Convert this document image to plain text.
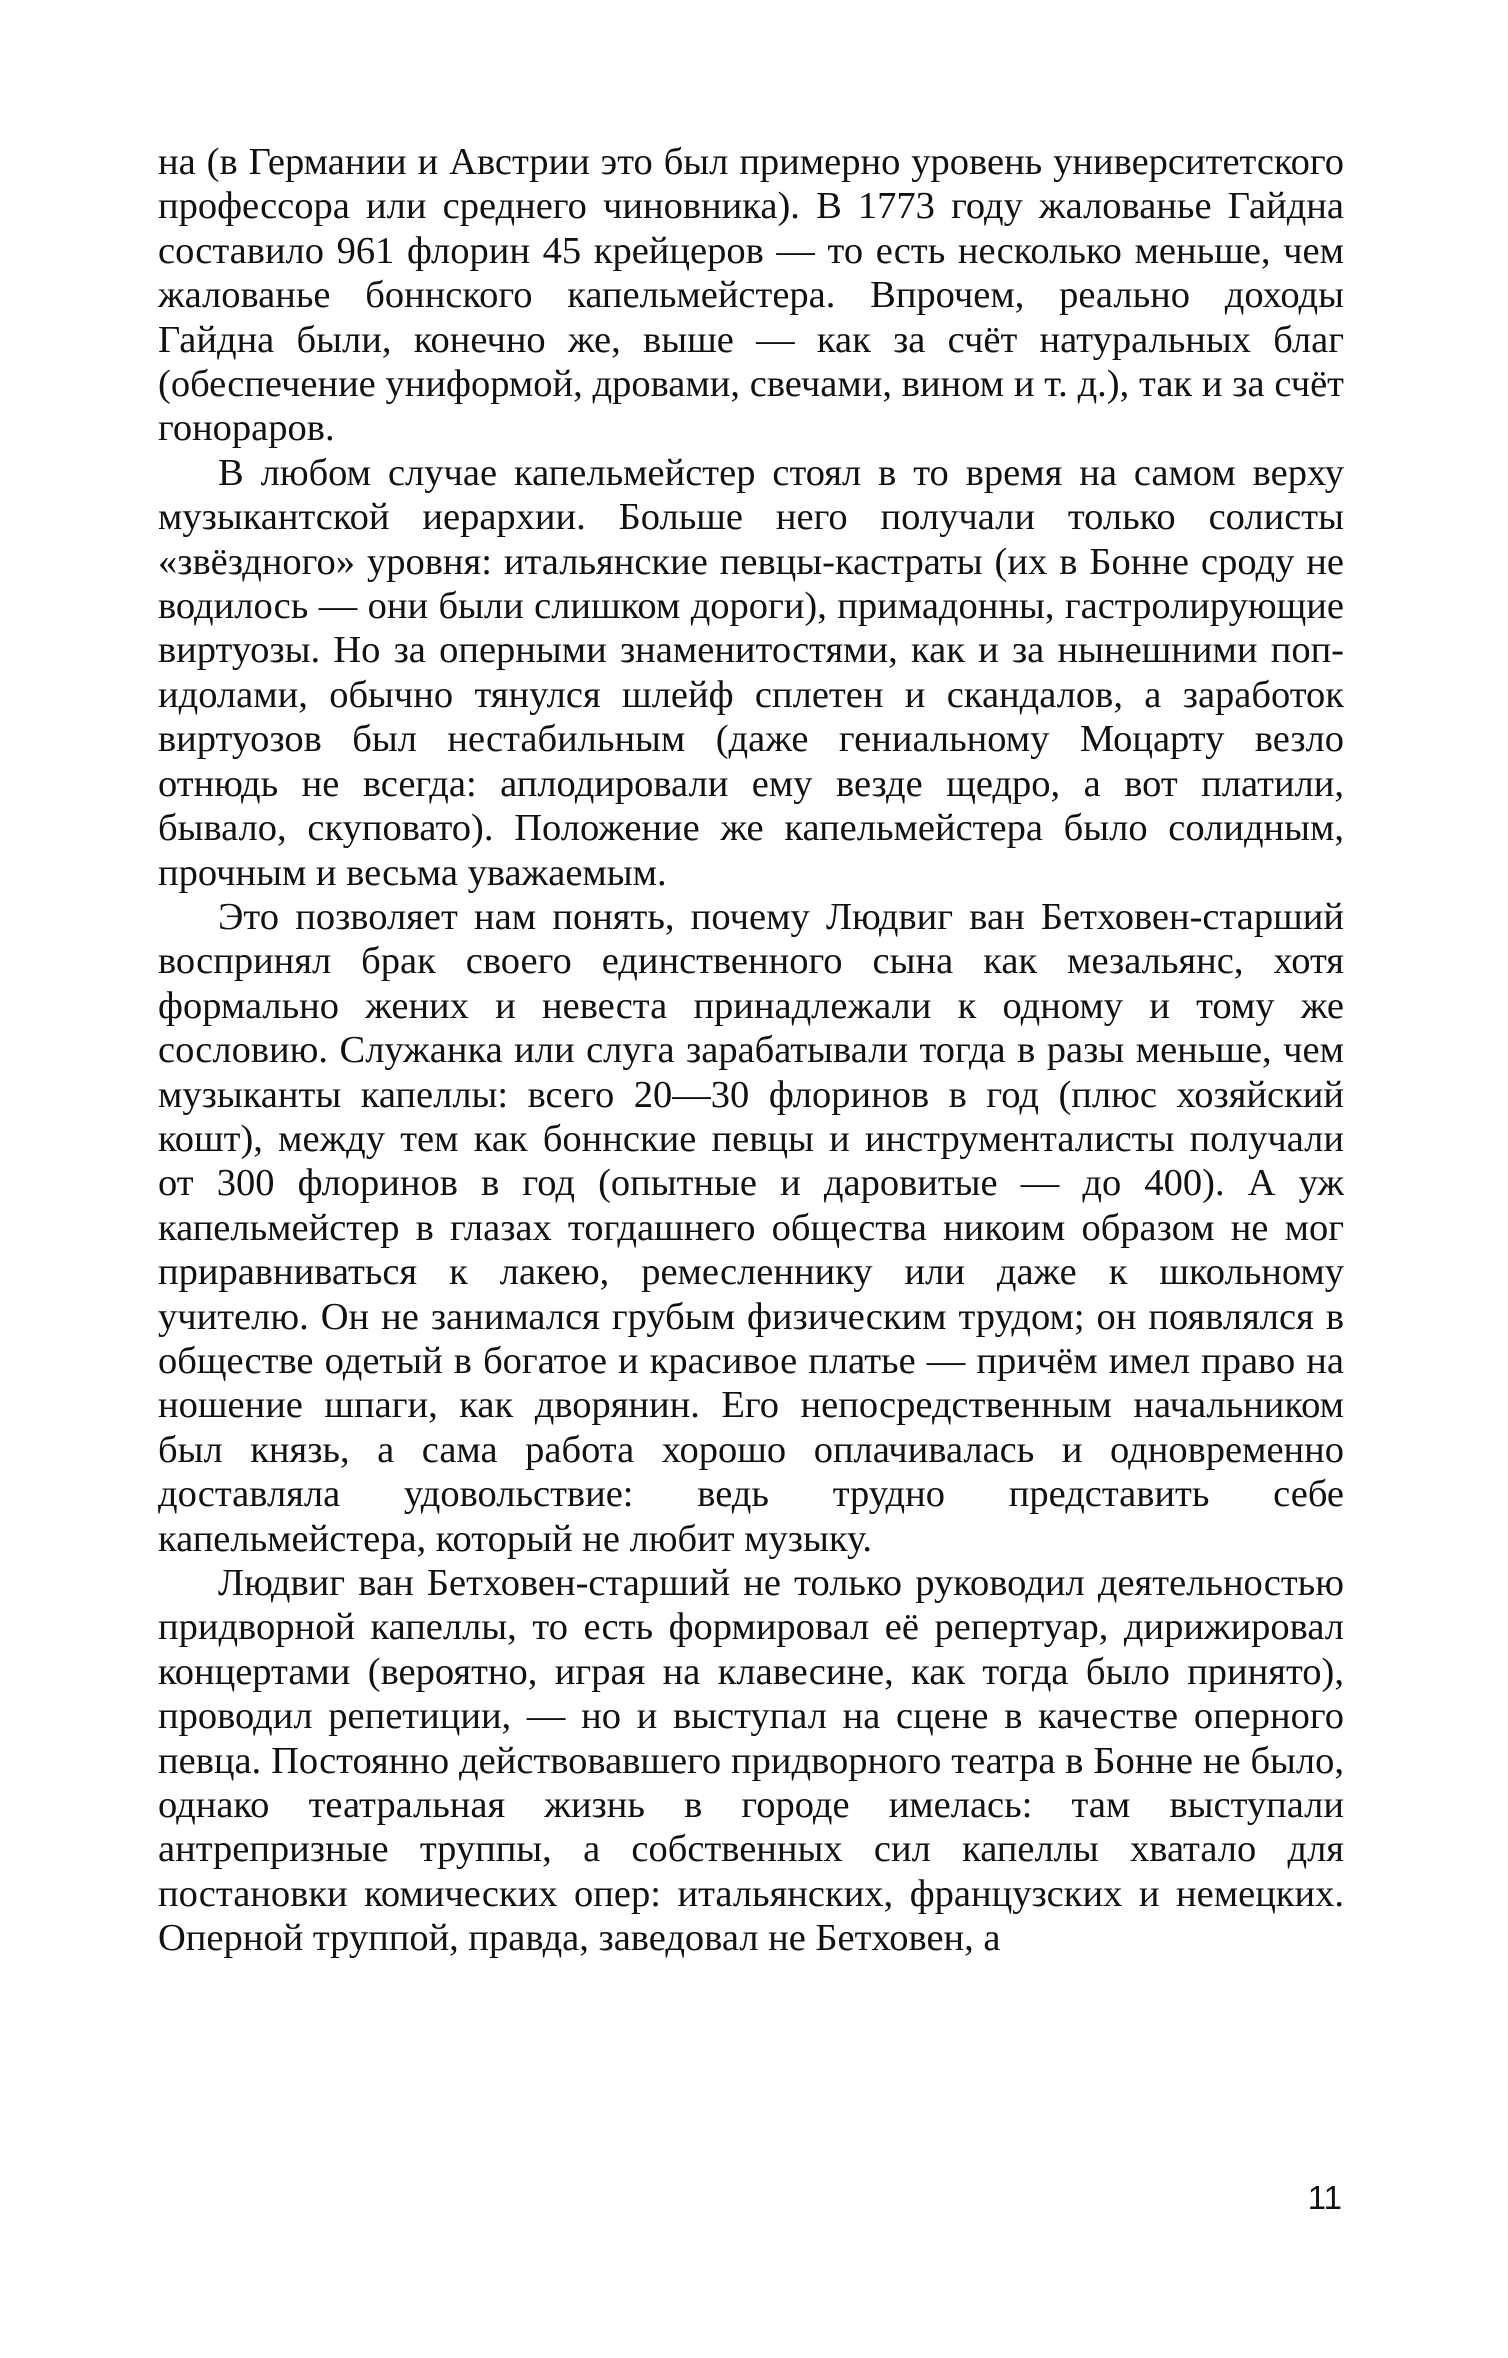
на (в Германии и Австрии это был примерно уровень университетского профессора или среднего чиновника). В 1773 году жалованье Гайдна составило 961 флорин 45 крейцеров — то есть несколько меньше, чем жалованье боннского капельмейстера. Впрочем, реально доходы Гайдна были, конечно же, выше — как за счёт натуральных благ (обеспечение униформой, дровами, свечами, вином и т. д.), так и за счёт гонораров.

В любом случае капельмейстер стоял в то время на самом верху музыкантской иерархии. Больше него получали только солисты «звёздного» уровня: итальянские певцы-кастраты (их в Бонне сроду не водилось — они были слишком дороги), примадонны, гастролирующие виртуозы. Но за оперными знаменитостями, как и за нынешними поп-идолами, обычно тянулся шлейф сплетен и скандалов, а заработок виртуозов был нестабильным (даже гениальному Моцарту везло отнюдь не всегда: аплодировали ему везде щедро, а вот платили, бывало, скуповато). Положение же капельмейстера было солидным, прочным и весьма уважаемым.

Это позволяет нам понять, почему Людвиг ван Бетховен-старший воспринял брак своего единственного сына как мезальянс, хотя формально жених и невеста принадлежали к одному и тому же сословию. Служанка или слуга зарабатывали тогда в разы меньше, чем музыканты капеллы: всего 20—30 флоринов в год (плюс хозяйский кошт), между тем как боннские певцы и инструменталисты получали от 300 флоринов в год (опытные и даровитые — до 400). А уж капельмейстер в глазах тогдашнего общества никоим образом не мог приравниваться к лакею, ремесленнику или даже к школьному учителю. Он не занимался грубым физическим трудом; он появлялся в обществе одетый в богатое и красивое платье — причём имел право на ношение шпаги, как дворянин. Его непосредственным начальником был князь, а сама работа хорошо оплачивалась и одновременно доставляла удовольствие: ведь трудно представить себе капельмейстера, который не любит музыку.

Людвиг ван Бетховен-старший не только руководил деятельностью придворной капеллы, то есть формировал её репертуар, дирижировал концертами (вероятно, играя на клавесине, как тогда было принято), проводил репетиции, — но и выступал на сцене в качестве оперного певца. Постоянно действовавшего придворного театра в Бонне не было, однако театральная жизнь в городе имелась: там выступали антрепризные труппы, а собственных сил капеллы хватало для постановки комических опер: итальянских, французских и немецких. Оперной труппой, правда, заведовал не Бетховен, а

11
